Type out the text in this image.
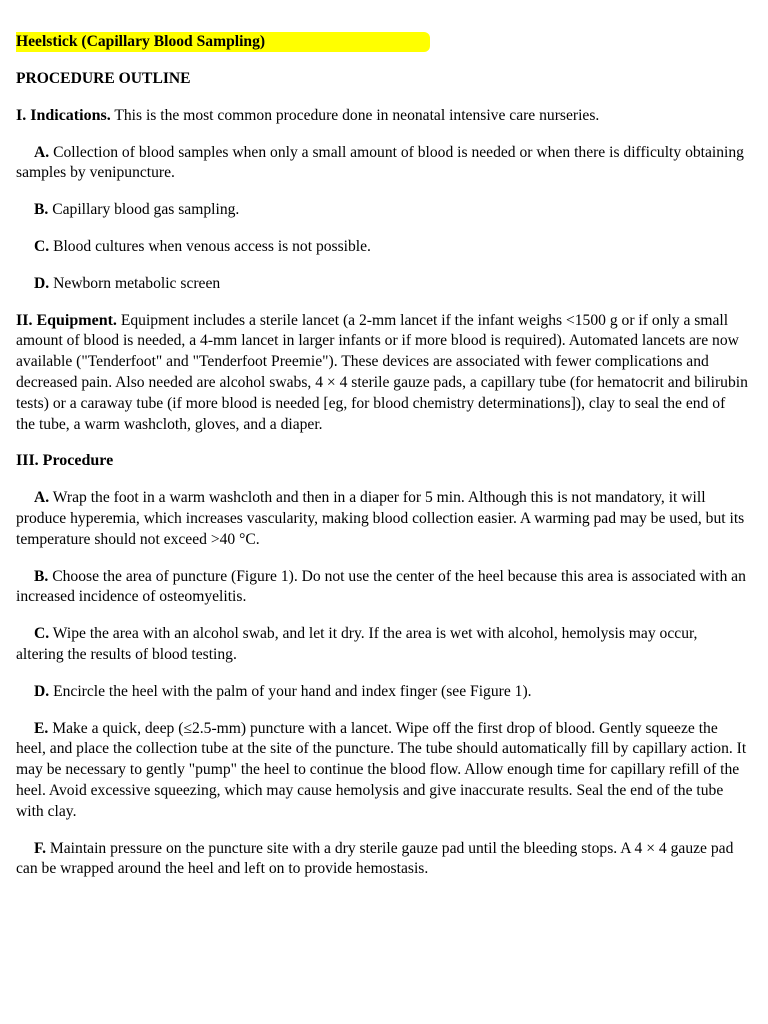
Heelstick (Capillary Blood Sampling)
PROCEDURE OUTLINE

I. Indications. This is the most common procedure done in neonatal intensive care nurseries.

A. Collection of blood samples when only a small amount of blood is needed or when there is difficulty obtaining samples by venipuncture.

B. Capillary blood gas sampling.

C. Blood cultures when venous access is not possible.

D. Newborn metabolic screen

II. Equipment. Equipment includes a sterile lancet (a 2-mm lancet if the infant weighs <1500 g or if only a small amount of blood is needed, a 4-mm lancet in larger infants or if more blood is required). Automated lancets are now available ("Tenderfoot" and "Tenderfoot Preemie"). These devices are associated with fewer complications and decreased pain. Also needed are alcohol swabs, 4 × 4 sterile gauze pads, a capillary tube (for hematocrit and bilirubin tests) or a caraway tube (if more blood is needed [eg, for blood chemistry determinations]), clay to seal the end of the tube, a warm washcloth, gloves, and a diaper.

III. Procedure

A. Wrap the foot in a warm washcloth and then in a diaper for 5 min. Although this is not mandatory, it will produce hyperemia, which increases vascularity, making blood collection easier. A warming pad may be used, but its temperature should not exceed >40 °C.

B. Choose the area of puncture (Figure 1). Do not use the center of the heel because this area is associated with an increased incidence of osteomyelitis.

C. Wipe the area with an alcohol swab, and let it dry. If the area is wet with alcohol, hemolysis may occur, altering the results of blood testing.

D. Encircle the heel with the palm of your hand and index finger (see Figure 1).

E. Make a quick, deep (≤2.5-mm) puncture with a lancet. Wipe off the first drop of blood. Gently squeeze the heel, and place the collection tube at the site of the puncture. The tube should automatically fill by capillary action. It may be necessary to gently "pump" the heel to continue the blood flow. Allow enough time for capillary refill of the heel. Avoid excessive squeezing, which may cause hemolysis and give inaccurate results. Seal the end of the tube with clay.

F. Maintain pressure on the puncture site with a dry sterile gauze pad until the bleeding stops. A 4 × 4 gauze pad can be wrapped around the heel and left on to provide hemostasis.
